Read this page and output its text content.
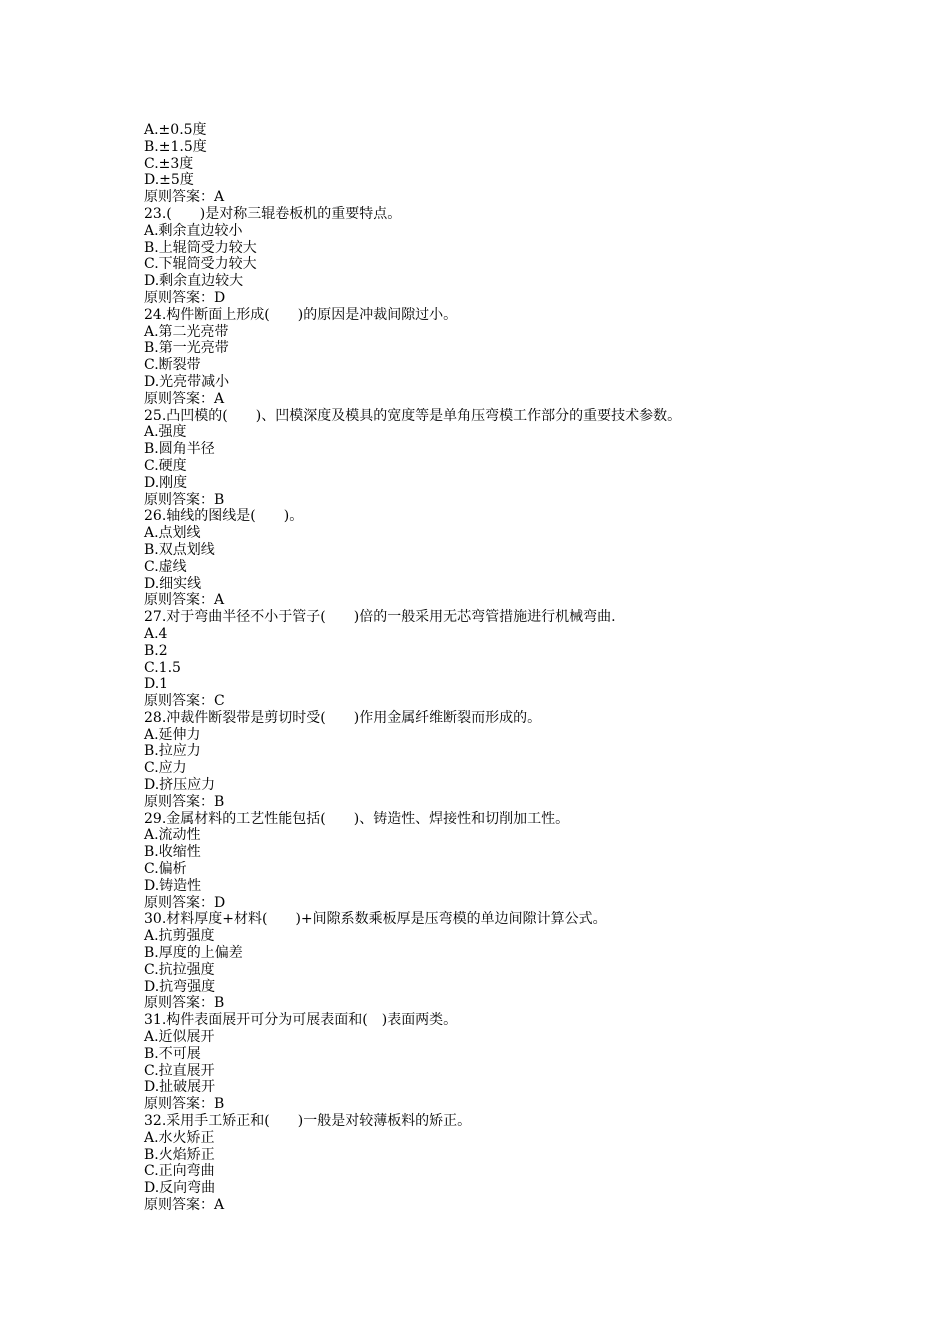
A.±0.5度
B.±1.5度
C.±3度
D.±5度
原则答案：A
23.(　　)是对称三辊卷板机的重要特点。
A.剩余直边较小
B.上辊筒受力较大
C.下辊筒受力较大
D.剩余直边较大
原则答案：D
24.构件断面上形成(　　)的原因是冲裁间隙过小。
A.第二光亮带
B.第一光亮带
C.断裂带
D.光亮带减小
原则答案：A
25.凸凹模的(　　)、凹模深度及模具的宽度等是单角压弯模工作部分的重要技术参数。
A.强度
B.圆角半径
C.硬度
D.刚度
原则答案：B
26.轴线的图线是(　　)。
A.点划线
B.双点划线
C.虚线
D.细实线
原则答案：A
27.对于弯曲半径不小于管子(　　)倍的一般采用无芯弯管措施进行机械弯曲.
A.4
B.2
C.1.5
D.1
原则答案：C
28.冲裁件断裂带是剪切时受(　　)作用金属纤维断裂而形成的。
A.延伸力
B.拉应力
C.应力
D.挤压应力
原则答案：B
29.金属材料的工艺性能包括(　　)、铸造性、焊接性和切削加工性。
A.流动性
B.收缩性
C.偏析
D.铸造性
原则答案：D
30.材料厚度+材料(　　)+间隙系数乘板厚是压弯模的单边间隙计算公式。
A.抗剪强度
B.厚度的上偏差
C.抗拉强度
D.抗弯强度
原则答案：B
31.构件表面展开可分为可展表面和(　)表面两类。
A.近似展开
B.不可展
C.拉直展开
D.扯破展开
原则答案：B
32.采用手工矫正和(　　)一般是对较薄板料的矫正。
A.水火矫正
B.火焰矫正
C.正向弯曲
D.反向弯曲
原则答案：A
